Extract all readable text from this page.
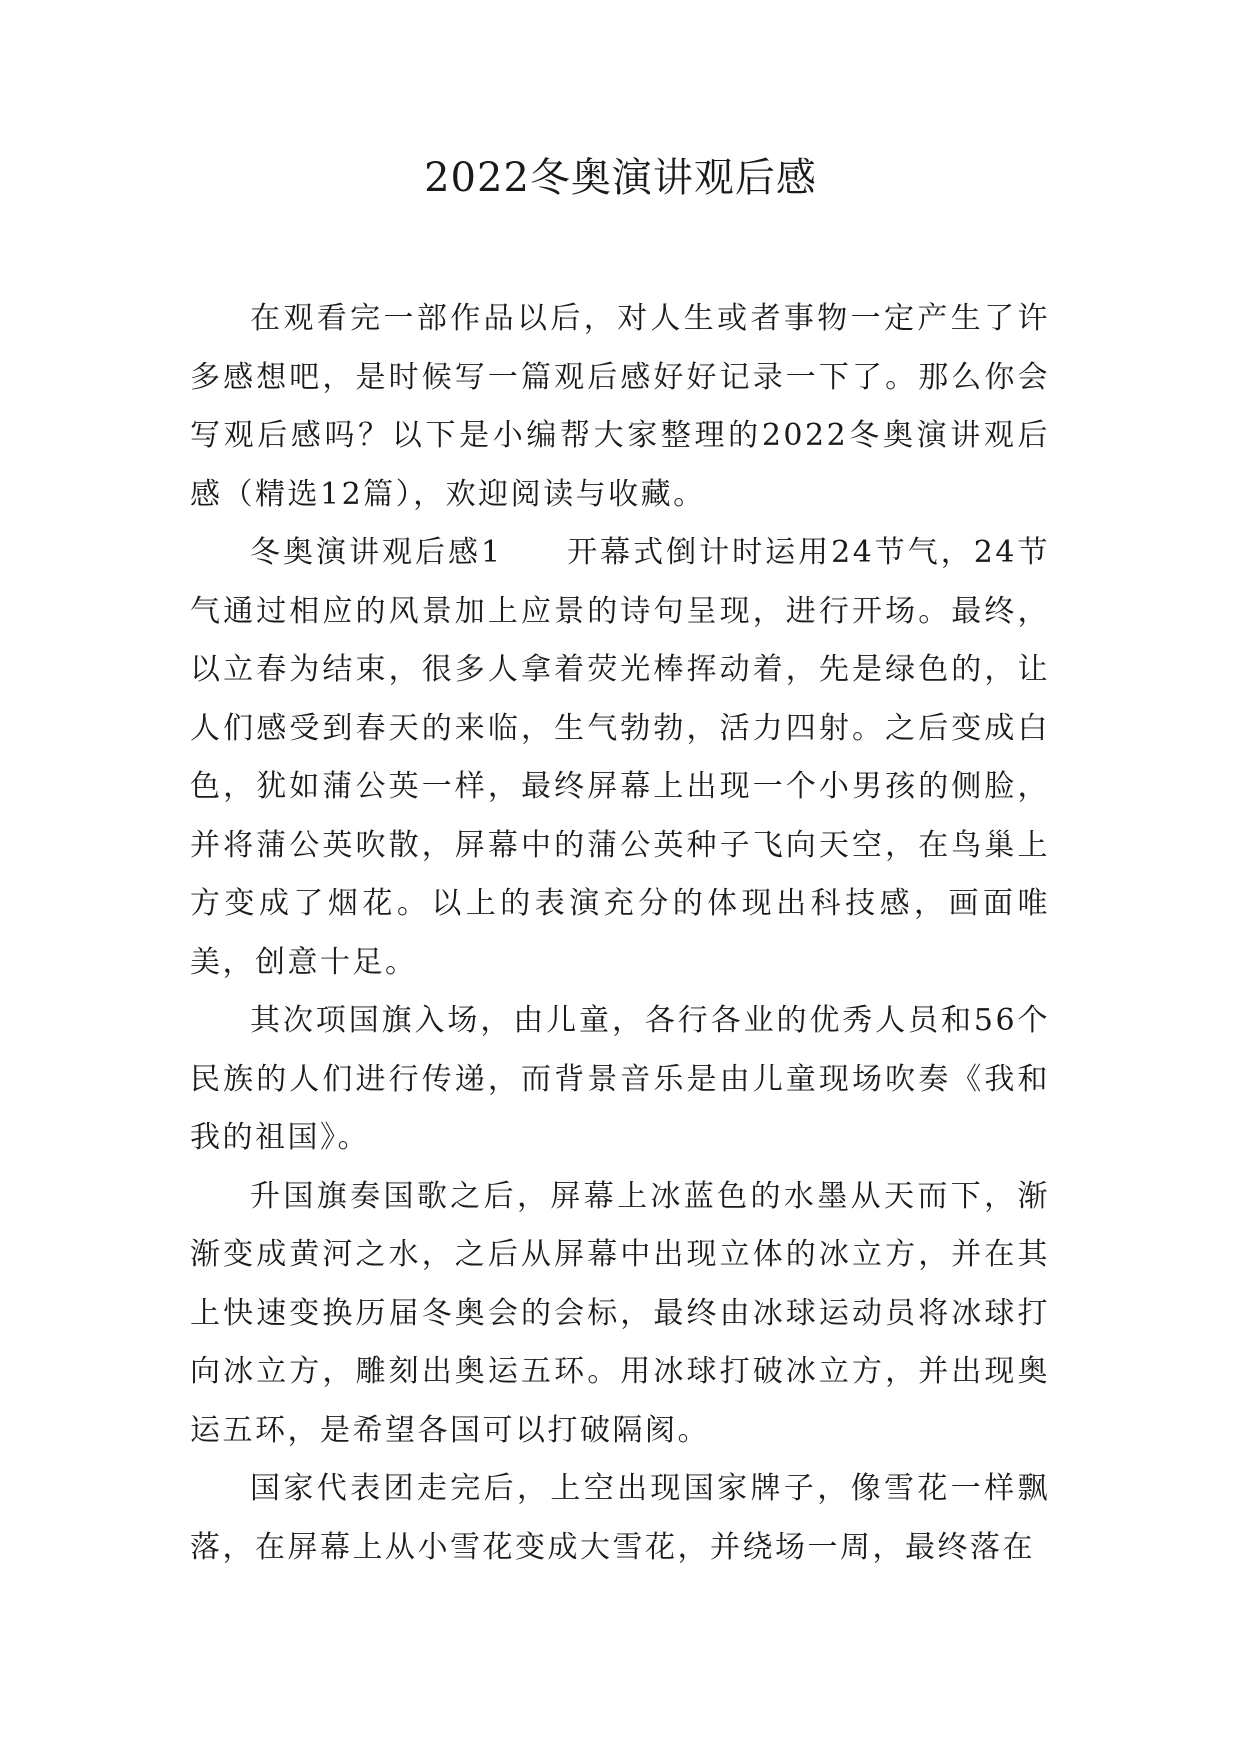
2022冬奥演讲观后感

在观看完一部作品以后，对人生或者事物一定产生了许多感想吧，是时候写一篇观后感好好记录一下了。那么你会写观后感吗？以下是小编帮大家整理的2022冬奥演讲观后感（精选12篇），欢迎阅读与收藏。

冬奥演讲观后感1 开幕式倒计时运用24节气，24节气通过相应的风景加上应景的诗句呈现，进行开场。最终，以立春为结束，很多人拿着荧光棒挥动着，先是绿色的，让人们感受到春天的来临，生气勃勃，活力四射。之后变成白色，犹如蒲公英一样，最终屏幕上出现一个小男孩的侧脸，并将蒲公英吹散，屏幕中的蒲公英种子飞向天空，在鸟巢上方变成了烟花。以上的表演充分的体现出科技感，画面唯美，创意十足。

其次项国旗入场，由儿童，各行各业的优秀人员和56个民族的人们进行传递，而背景音乐是由儿童现场吹奏《我和我的祖国》。

升国旗奏国歌之后，屏幕上冰蓝色的水墨从天而下，渐渐变成黄河之水，之后从屏幕中出现立体的冰立方，并在其上快速变换历届冬奥会的会标，最终由冰球运动员将冰球打向冰立方，雕刻出奥运五环。用冰球打破冰立方，并出现奥运五环，是希望各国可以打破隔阂。

国家代表团走完后，上空出现国家牌子，像雪花一样飘落，在屏幕上从小雪花变成大雪花，并绕场一周，最终落在
